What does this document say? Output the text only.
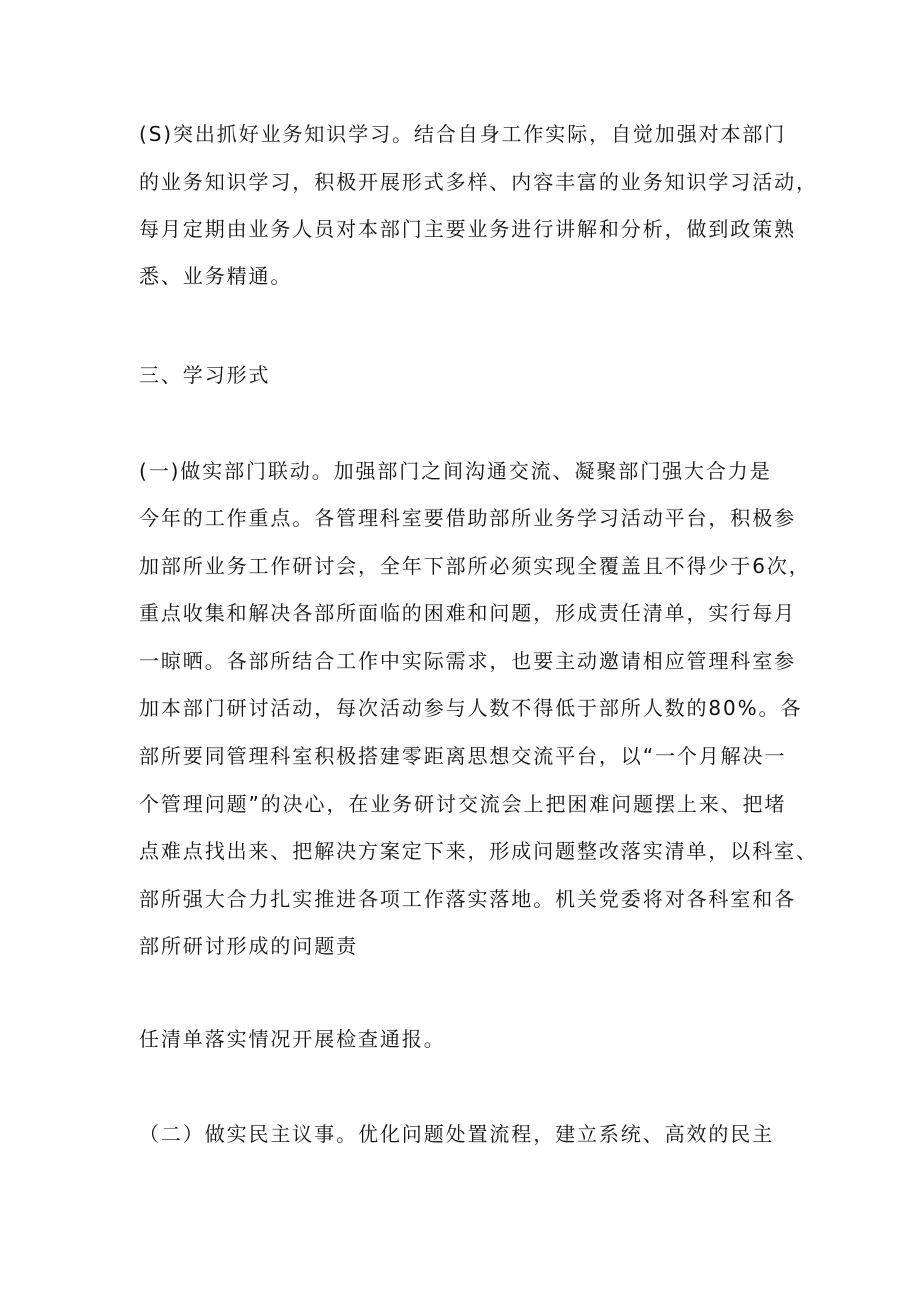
(S)突出抓好业务知识学习。结合自身工作实际，自觉加强对本部门
的业务知识学习，积极开展形式多样、内容丰富的业务知识学习活动，
每月定期由业务人员对本部门主要业务进行讲解和分析，做到政策熟
悉、业务精通。
三、学习形式
(一)做实部门联动。加强部门之间沟通交流、凝聚部门强大合力是
今年的工作重点。各管理科室要借助部所业务学习活动平台，积极参
加部所业务工作研讨会，全年下部所必须实现全覆盖且不得少于6次，
重点收集和解决各部所面临的困难和问题，形成责任清单，实行每月
一晾晒。各部所结合工作中实际需求，也要主动邀请相应管理科室参
加本部门研讨活动，每次活动参与人数不得低于部所人数的80%。各
部所要同管理科室积极搭建零距离思想交流平台，以“一个月解决一
个管理问题”的决心，在业务研讨交流会上把困难问题摆上来、把堵
点难点找出来、把解决方案定下来，形成问题整改落实清单，以科室、
部所强大合力扎实推进各项工作落实落地。机关党委将对各科室和各
部所研讨形成的问题责
任清单落实情况开展检查通报。
（二）做实民主议事。优化问题处置流程，建立系统、高效的民主
